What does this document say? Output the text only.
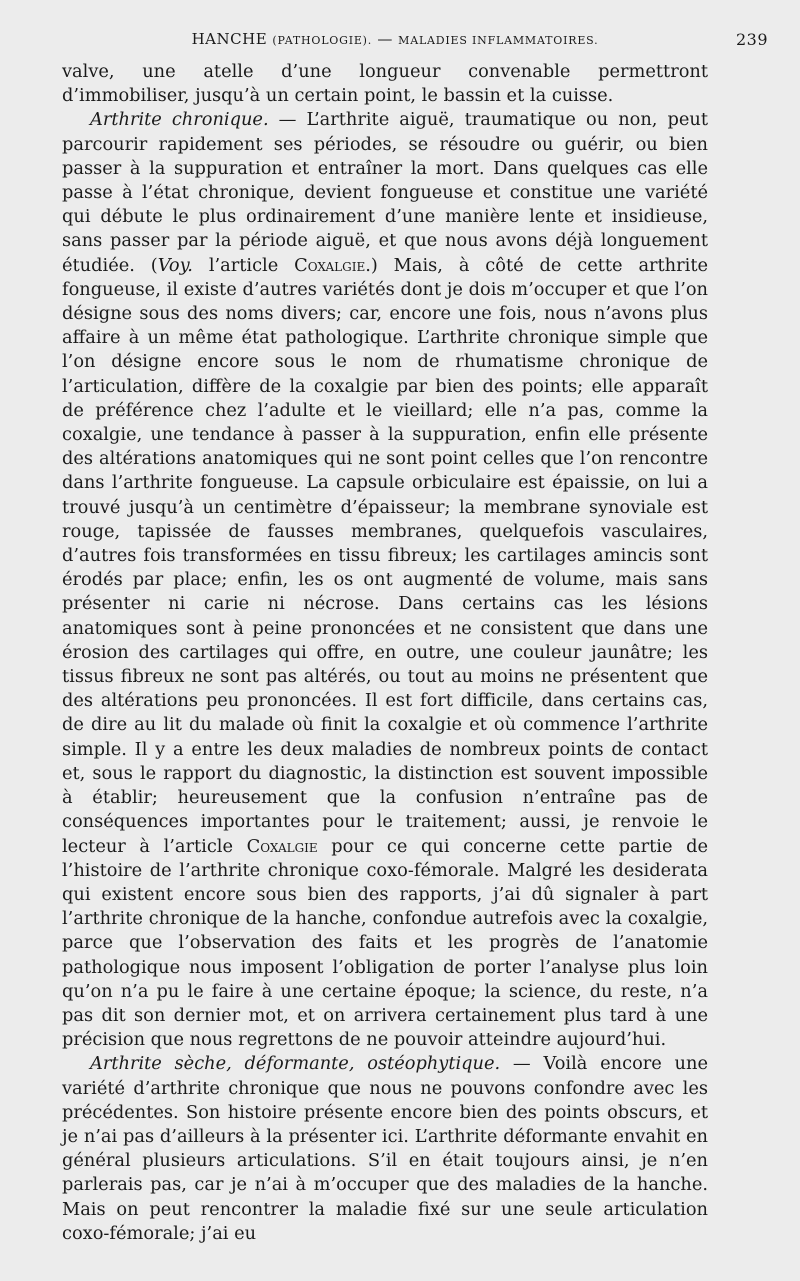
HANCHE (PATHOLOGIE). — MALADIES INFLAMMATOIRES.	239

valve, une atelle d’une longueur convenable permettront d’immobiliser, jusqu’à un certain point, le bassin et la cuisse.

Arthrite chronique. — L’arthrite aiguë, traumatique ou non, peut parcourir rapidement ses périodes, se résoudre ou guérir, ou bien passer à la suppuration et entraîner la mort. Dans quelques cas elle passe à l’état chronique, devient fongueuse et constitue une variété qui débute le plus ordinairement d’une manière lente et insidieuse, sans passer par la période aiguë, et que nous avons déjà longuement étudiée. (Voy. l’article Coxalgie.) Mais, à côté de cette arthrite fongueuse, il existe d’autres variétés dont je dois m’occuper et que l’on désigne sous des noms divers; car, encore une fois, nous n’avons plus affaire à un même état pathologique. L’arthrite chronique simple que l’on désigne encore sous le nom de rhumatisme chronique de l’articulation, diffère de la coxalgie par bien des points; elle apparaît de préférence chez l’adulte et le vieillard; elle n’a pas, comme la coxalgie, une tendance à passer à la suppuration, enfin elle présente des altérations anatomiques qui ne sont point celles que l’on rencontre dans l’arthrite fongueuse. La capsule orbiculaire est épaissie, on lui a trouvé jusqu’à un centimètre d’épaisseur; la membrane synoviale est rouge, tapissée de fausses membranes, quelquefois vasculaires, d’autres fois transformées en tissu fibreux; les cartilages amincis sont érodés par place; enfin, les os ont augmenté de volume, mais sans présenter ni carie ni nécrose. Dans certains cas les lésions anatomiques sont à peine prononcées et ne consistent que dans une érosion des cartilages qui offre, en outre, une couleur jaunâtre; les tissus fibreux ne sont pas altérés, ou tout au moins ne présentent que des altérations peu prononcées. Il est fort difficile, dans certains cas, de dire au lit du malade où finit la coxalgie et où commence l’arthrite simple. Il y a entre les deux maladies de nombreux points de contact et, sous le rapport du diagnostic, la distinction est souvent impossible à établir; heureusement que la confusion n’entraîne pas de conséquences importantes pour le traitement; aussi, je renvoie le lecteur à l’article Coxalgie pour ce qui concerne cette partie de l’histoire de l’arthrite chronique coxo-fémorale. Malgré les desiderata qui existent encore sous bien des rapports, j’ai dû signaler à part l’arthrite chronique de la hanche, confondue autrefois avec la coxalgie, parce que l’observation des faits et les progrès de l’anatomie pathologique nous imposent l’obligation de porter l’analyse plus loin qu’on n’a pu le faire à une certaine époque; la science, du reste, n’a pas dit son dernier mot, et on arrivera certainement plus tard à une précision que nous regrettons de ne pouvoir atteindre aujourd’hui.

Arthrite sèche, déformante, ostéophytique. — Voilà encore une variété d’arthrite chronique que nous ne pouvons confondre avec les précédentes. Son histoire présente encore bien des points obscurs, et je n’ai pas d’ailleurs à la présenter ici. L’arthrite déformante envahit en général plusieurs articulations. S’il en était toujours ainsi, je n’en parlerais pas, car je n’ai à m’occuper que des maladies de la hanche. Mais on peut rencontrer la maladie fixé sur une seule articulation coxo-fémorale; j’ai eu
